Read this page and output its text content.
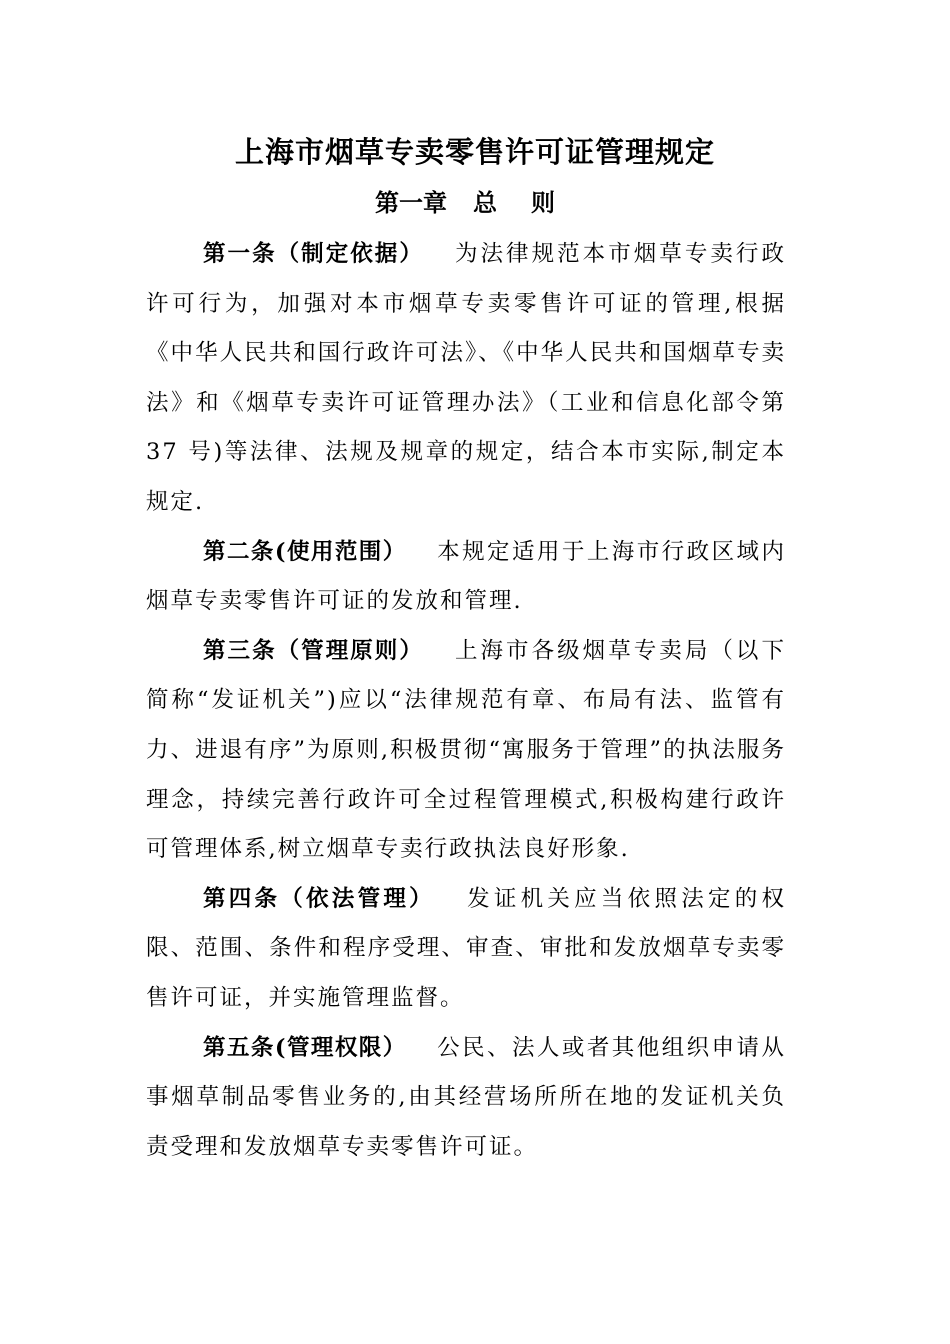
上海市烟草专卖零售许可证管理规定
第一章 总 则

第一条（制定依据） 为法律规范本市烟草专卖行政许可行为，加强对本市烟草专卖零售许可证的管理,根据《中华人民共和国行政许可法》、《中华人民共和国烟草专卖法》和《烟草专卖许可证管理办法》（工业和信息化部令第 37 号)等法律、法规及规章的规定，结合本市实际,制定本规定.

第二条(使用范围） 本规定适用于上海市行政区域内烟草专卖零售许可证的发放和管理.

第三条（管理原则） 上海市各级烟草专卖局（以下简称“发证机关”)应以“法律规范有章、布局有法、监管有力、进退有序”为原则,积极贯彻“寓服务于管理”的执法服务理念，持续完善行政许可全过程管理模式,积极构建行政许可管理体系,树立烟草专卖行政执法良好形象.

第四条（依法管理） 发证机关应当依照法定的权限、范围、条件和程序受理、审查、审批和发放烟草专卖零售许可证，并实施管理监督。

第五条(管理权限） 公民、法人或者其他组织申请从事烟草制品零售业务的,由其经营场所所在地的发证机关负责受理和发放烟草专卖零售许可证。
